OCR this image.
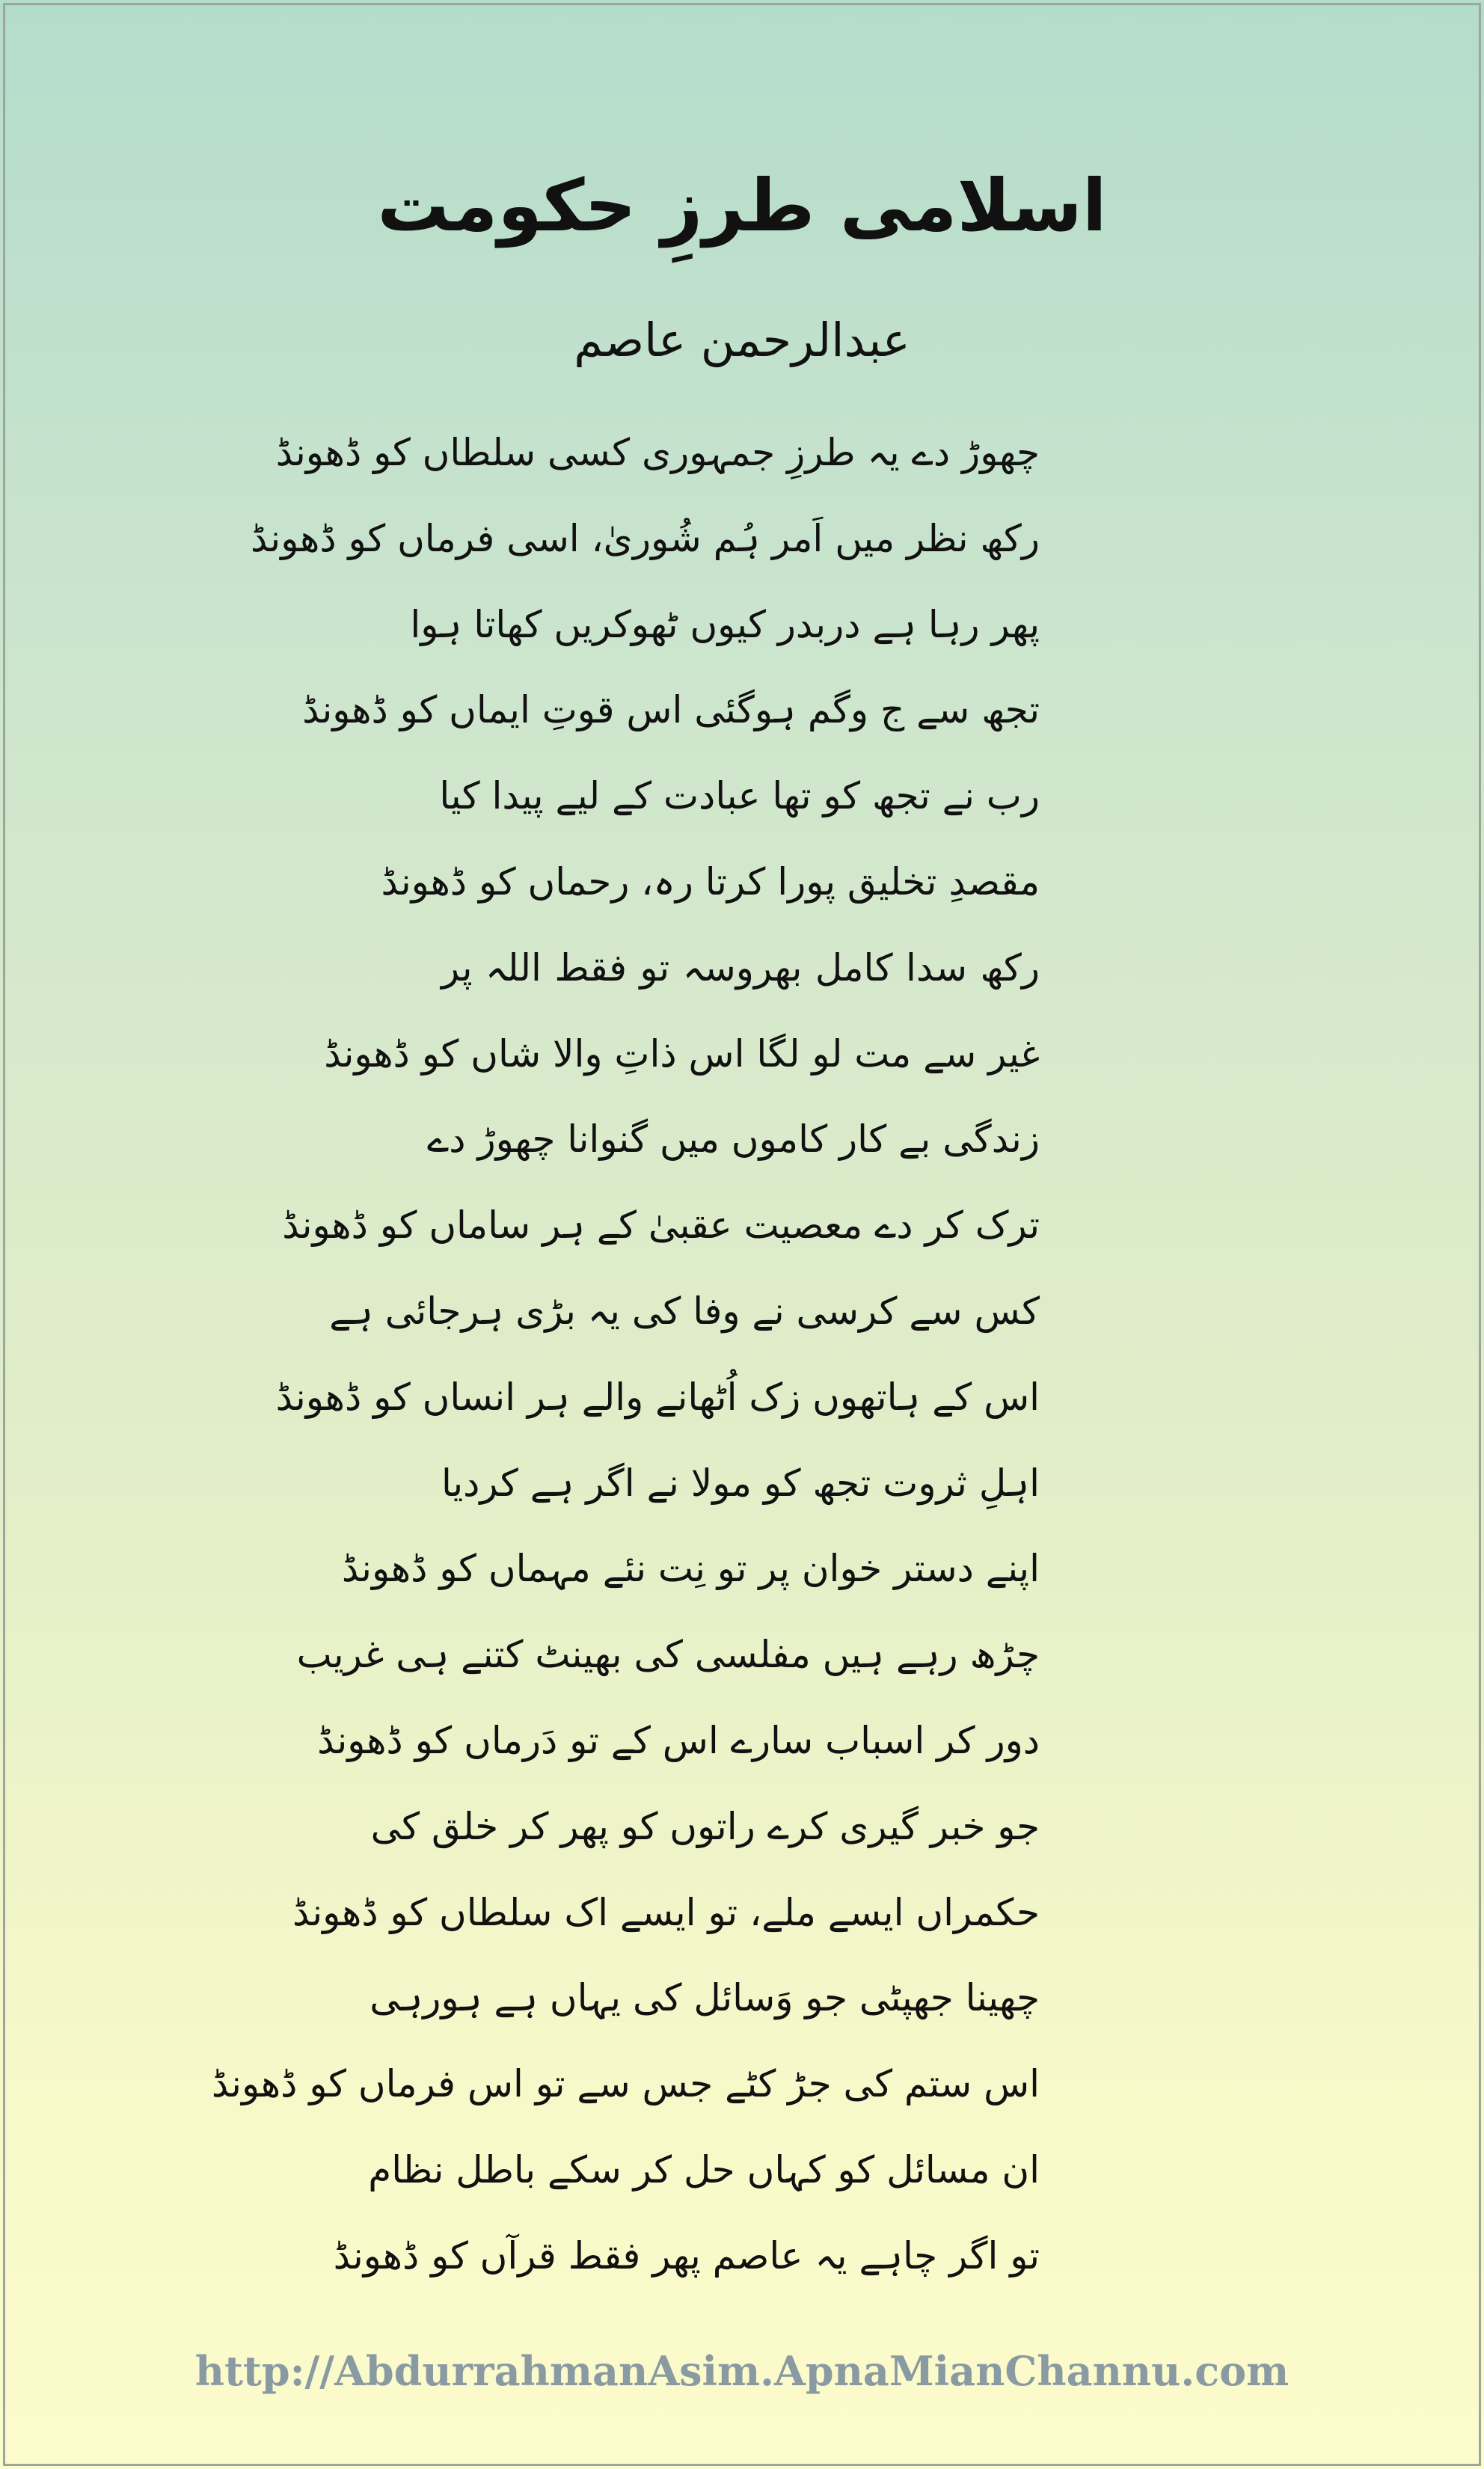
اسلامی طرزِ حکومت
عبدالرحمن عاصم
چھوڑ دے یہ طرزِ جمہوری کسی سلطاں کو ڈھونڈ
رکھ نظر میں اَمر ہُم شُوریٰ، اسی فرماں کو ڈھونڈ
پھر رہا ہے دربدر کیوں ٹھوکریں کھاتا ہوا
تجھ سے ج وگم ہوگئی اس قوتِ ایماں کو ڈھونڈ
رب نے تجھ کو تھا عبادت کے لیے پیدا کیا
مقصدِ تخلیق پورا کرتا رہ، رحماں کو ڈھونڈ
رکھ سدا کامل بھروسہ تو فقط اللہ پر
غیر سے مت لو لگا اس ذاتِ والا شاں کو ڈھونڈ
زندگی بے کار کاموں میں گنوانا چھوڑ دے
ترک کر دے معصیت عقبیٰ کے ہر ساماں کو ڈھونڈ
کس سے کرسی نے وفا کی یہ بڑی ہرجائی ہے
اس کے ہاتھوں زک اُٹھانے والے ہر انساں کو ڈھونڈ
اہلِ ثروت تجھ کو مولا نے اگر ہے کردیا
اپنے دستر خوان پر تو نِت نئے مہماں کو ڈھونڈ
چڑھ رہے ہیں مفلسی کی بھینٹ کتنے ہی غریب
دور کر اسباب سارے اس کے تو دَرماں کو ڈھونڈ
جو خبر گیری کرے راتوں کو پھر کر خلق کی
حکمراں ایسے ملے، تو ایسے اک سلطاں کو ڈھونڈ
چھینا جھپٹی جو وَسائل کی یہاں ہے ہورہی
اس ستم کی جڑ کٹے جس سے تو اس فرماں کو ڈھونڈ
ان مسائل کو کہاں حل کر سکے باطل نظام
تو اگر چاہے یہ عاصم پھر فقط قرآں کو ڈھونڈ
http://AbdurrahmanAsim.ApnaMianChannu.com
